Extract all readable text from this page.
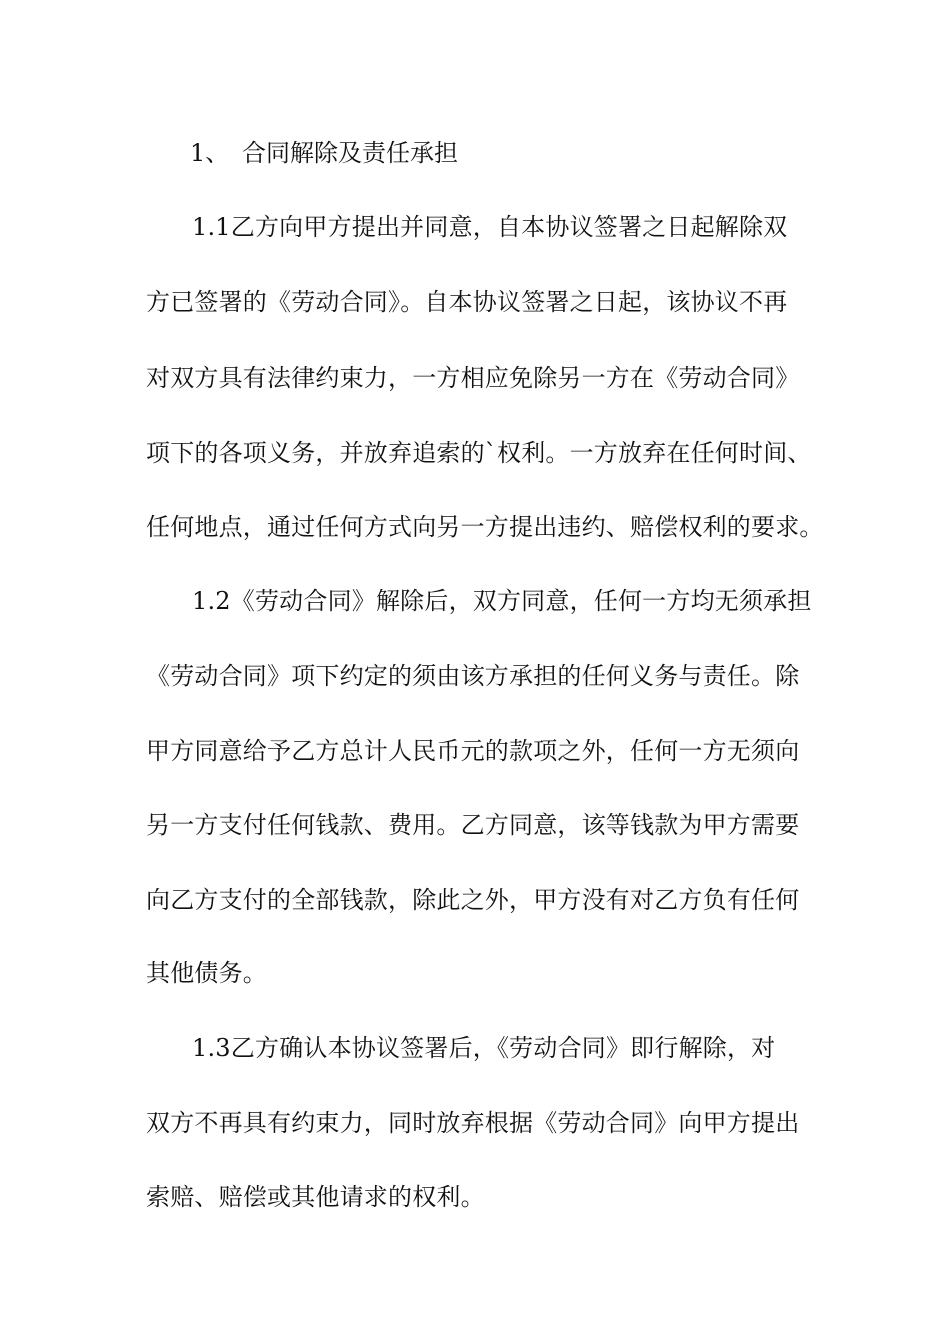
1、 合同解除及责任承担
1.1乙方向甲方提出并同意，自本协议签署之日起解除双
方已签署的《劳动合同》。自本协议签署之日起，该协议不再
对双方具有法律约束力，一方相应免除另一方在《劳动合同》
项下的各项义务，并放弃追索的`权利。一方放弃在任何时间、
任何地点，通过任何方式向另一方提出违约、赔偿权利的要求。
1.2《劳动合同》解除后，双方同意，任何一方均无须承担
《劳动合同》项下约定的须由该方承担的任何义务与责任。除
甲方同意给予乙方总计人民币元的款项之外，任何一方无须向
另一方支付任何钱款、费用。乙方同意，该等钱款为甲方需要
向乙方支付的全部钱款，除此之外，甲方没有对乙方负有任何
其他债务。
1.3乙方确认本协议签署后，《劳动合同》即行解除，对
双方不再具有约束力，同时放弃根据《劳动合同》向甲方提出
索赔、赔偿或其他请求的权利。
